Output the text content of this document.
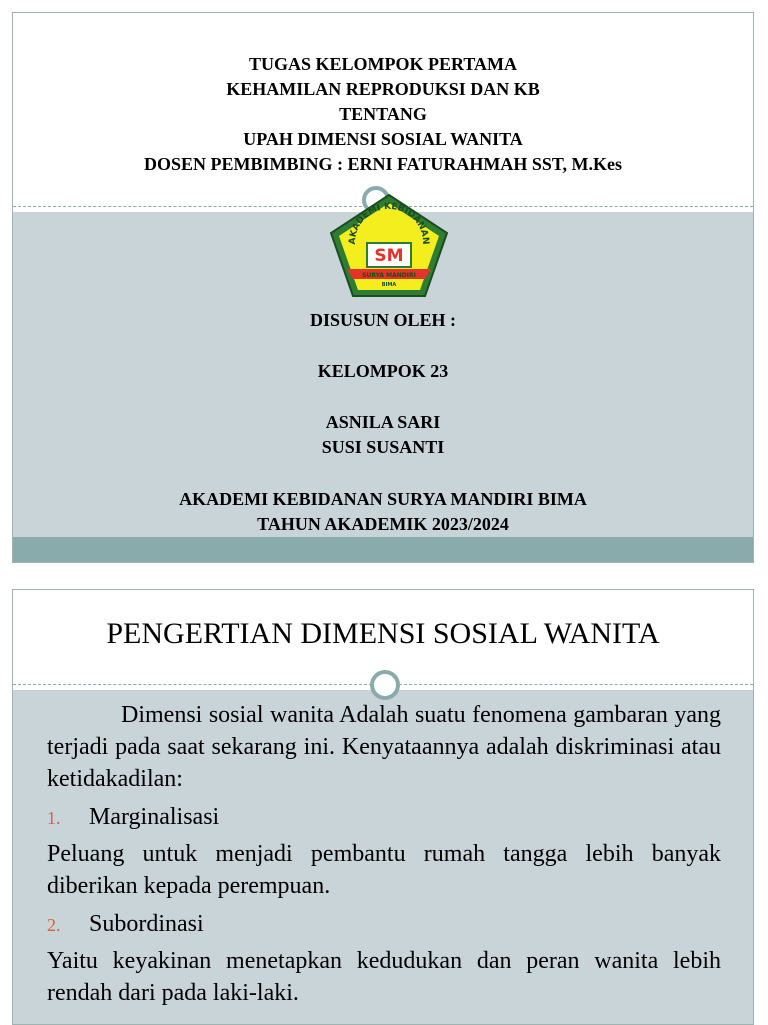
TUGAS KELOMPOK PERTAMA
KEHAMILAN REPRODUKSI DAN KB
TENTANG
UPAH DIMENSI SOSIAL WANITA
DOSEN PEMBIMBING : ERNI FATURAHMAH SST, M.Kes
AKADEMI KEBIDANAN
SM
SURYA MANDIRI
BIMA
DISUSUN OLEH :
KELOMPOK 23
ASNILA SARI
SUSI SUSANTI
AKADEMI KEBIDANAN SURYA MANDIRI BIMA
TAHUN AKADEMIK 2023/2024
PENGERTIAN DIMENSI SOSIAL WANITA
Dimensi sosial wanita Adalah suatu fenomena gambaran yang terjadi pada saat sekarang ini. Kenyataannya adalah diskriminasi atau ketidakadilan:
1. Marginalisasi
Peluang untuk menjadi pembantu rumah tangga lebih banyak diberikan kepada perempuan.
2. Subordinasi
Yaitu keyakinan menetapkan kedudukan dan peran wanita lebih rendah dari pada laki-laki.
